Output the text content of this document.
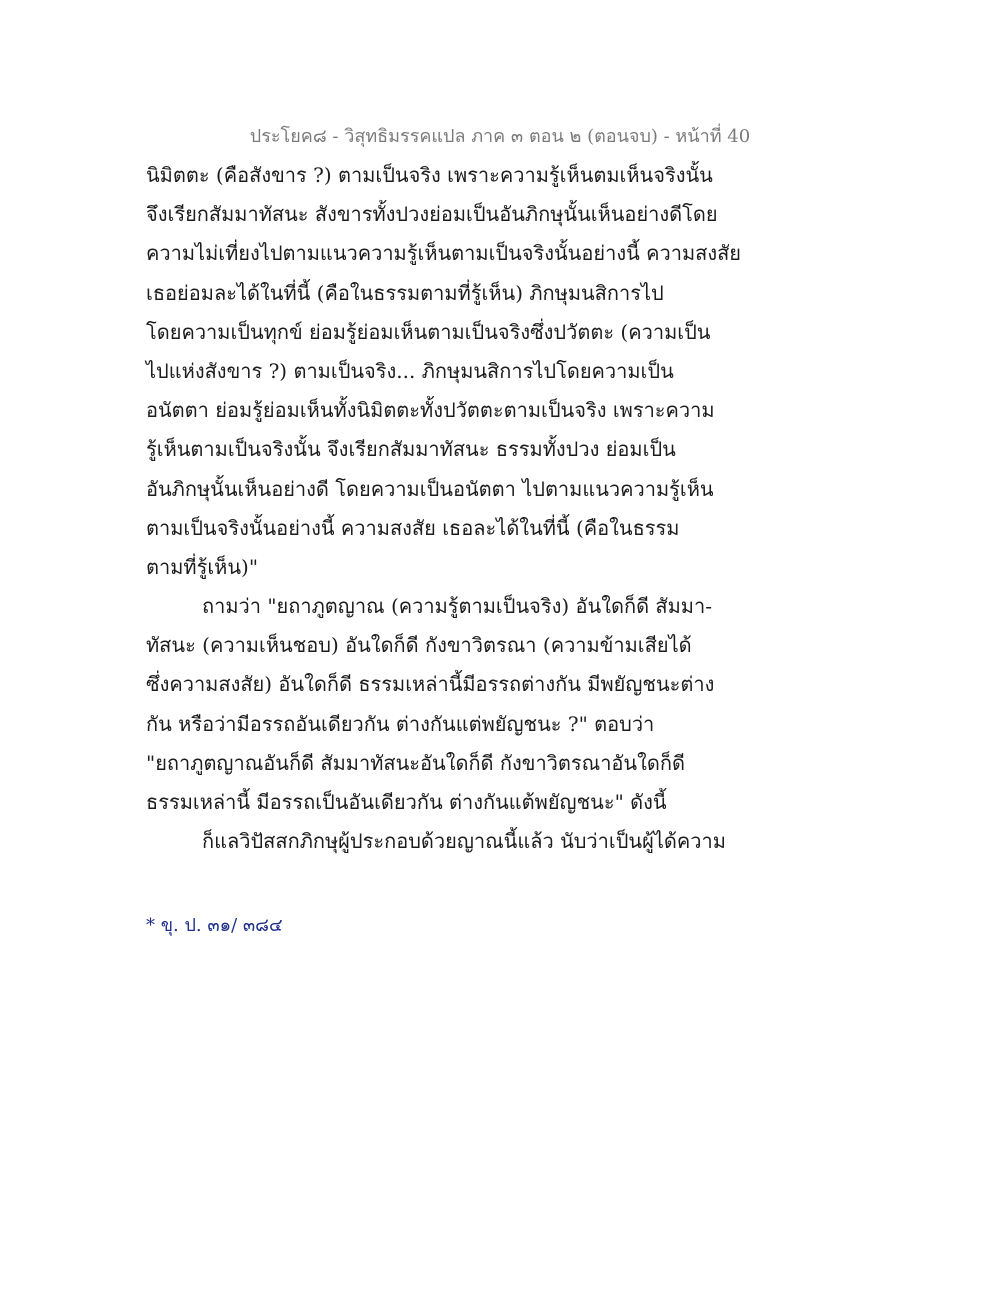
ประโยค๘ - วิสุทธิมรรคแปล ภาค ๓ ตอน ๒ (ตอนจบ) - หน้าที่ 40
นิมิตตะ (คือสังขาร ?) ตามเป็นจริง เพราะความรู้เห็นตมเห็นจริงนั้น
จึงเรียกสัมมาทัสนะ สังขารทั้งปวงย่อมเป็นอันภิกษุนั้นเห็นอย่างดีโดย
ความไม่เที่ยงไปตามแนวความรู้เห็นตามเป็นจริงนั้นอย่างนี้ ความสงสัย
เธอย่อมละได้ในที่นี้ (คือในธรรมตามที่รู้เห็น) ภิกษุมนสิการไป
โดยความเป็นทุกข์ ย่อมรู้ย่อมเห็นตามเป็นจริงซึ่งปวัตตะ (ความเป็น
ไปแห่งสังขาร ?) ตามเป็นจริง... ภิกษุมนสิการไปโดยความเป็น
อนัตตา ย่อมรู้ย่อมเห็นทั้งนิมิตตะทั้งปวัตตะตามเป็นจริง เพราะความ
รู้เห็นตามเป็นจริงนั้น จึงเรียกสัมมาทัสนะ ธรรมทั้งปวง ย่อมเป็น
อันภิกษุนั้นเห็นอย่างดี โดยความเป็นอนัตตา ไปตามแนวความรู้เห็น
ตามเป็นจริงนั้นอย่างนี้ ความสงสัย เธอละได้ในที่นี้ (คือในธรรม
ตามที่รู้เห็น)"
ถามว่า "ยถาภูตญาณ (ความรู้ตามเป็นจริง) อันใดก็ดี สัมมา-
ทัสนะ (ความเห็นชอบ) อันใดก็ดี กังขาวิตรณา (ความข้ามเสียได้
ซึ่งความสงสัย) อันใดก็ดี ธรรมเหล่านี้มีอรรถต่างกัน มีพยัญชนะต่าง
กัน หรือว่ามีอรรถอันเดียวกัน ต่างกันแต่พยัญชนะ ?" ตอบว่า
"ยถาภูตญาณอันก็ดี สัมมาทัสนะอันใดก็ดี กังขาวิตรณาอันใดก็ดี
ธรรมเหล่านี้ มีอรรถเป็นอันเดียวกัน ต่างกันแต้พยัญชนะ" ดังนี้
ก็แลวิปัสสกภิกษุผู้ประกอบด้วยญาณนี้แล้ว นับว่าเป็นผู้ได้ความ
* ขุ. ป. ๓๑/ ๓๘๔
